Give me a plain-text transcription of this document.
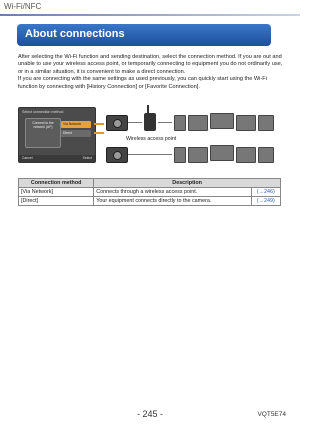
Wi-Fi/NFC
About connections

After selecting the Wi-Fi function and sending destination, select the connection method. If you are out and unable to use your wireless access point, or temporarily connecting to equipment you do not ordinarily use, or in a similar situation, it is convenient to make a direct connection.

If you are connecting with the same settings as used previously, you can quickly start using the Wi-Fi function by connecting with [History Connection] or [Favorite Connection].

Select connection method
Connect to the network (AP)
Via Network
Direct
Cancel	Select
Wireless access point
Connection method	Description	
[Via Network]	Connects through a wireless access point.	(→246)
[Direct]	Your equipment connects directly to the camera.	(→249)
- 245 -	VQT5E74
